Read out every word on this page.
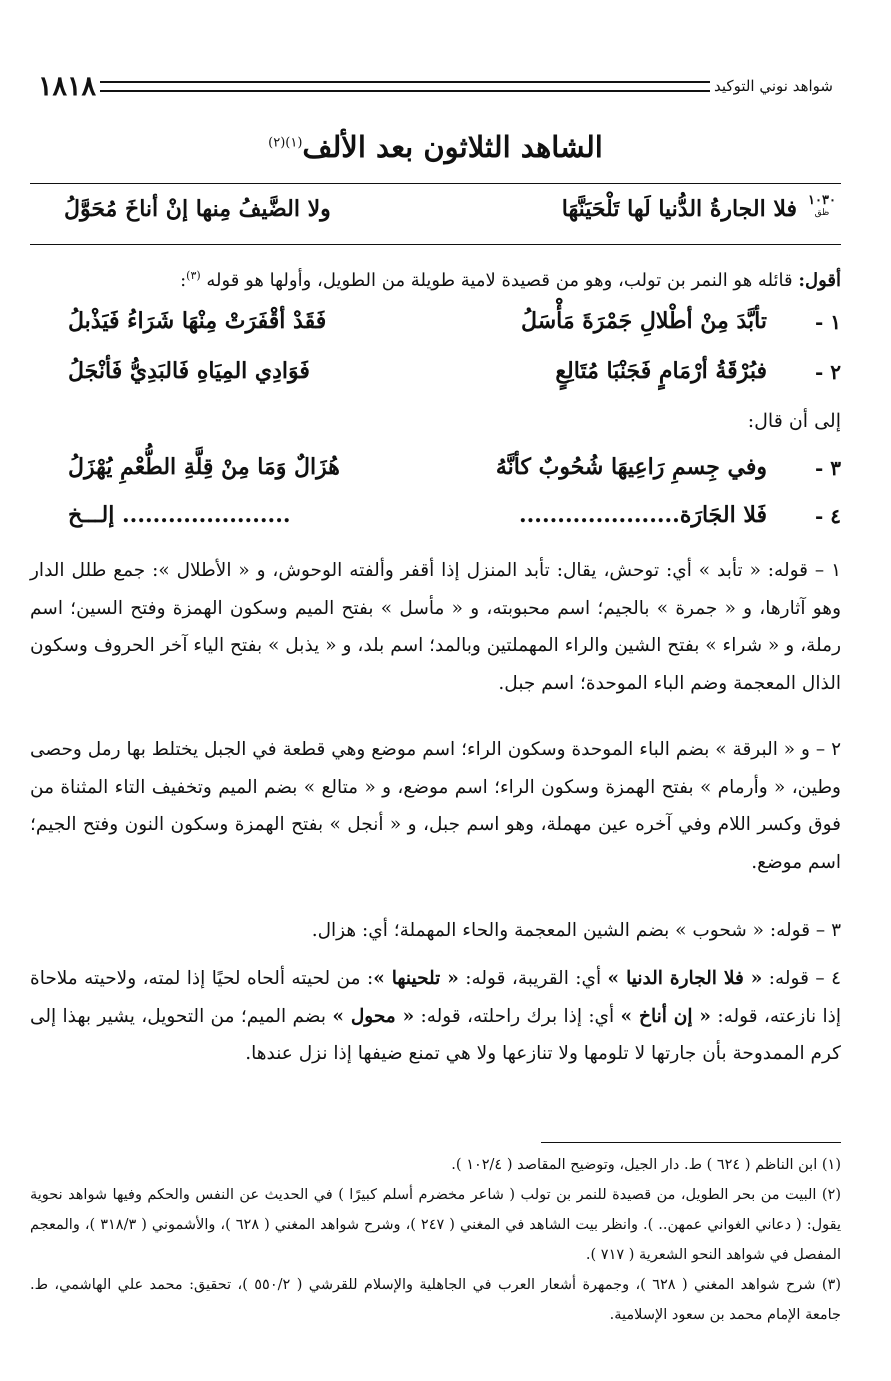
١٨١٨	شواهد نوني التوكيد
الشاهد الثلاثون بعد الألف$^{(١)(٢)}$
١٠٣٠
ظق
فلا الجارةُ الدُّنيا لَها تَلْحَيَنَّهَا
ولا الضَّيفُ مِنها إنْ أناخَ مُحَوَّلُ
أقول: قائله هو النمر بن تولب، وهو من قصيدة لامية طويلة من الطويل، وأولها هو قوله $^{(٣)}$:
١ -
تأبَّدَ مِنْ أطْلالِ جَمْرَةَ مَأْسَلُ
فَقَدْ أقْفَرَتْ مِنْهَا شَرَاءُ فَيَذْبلُ
٢ -
فبُرْقَةُ أرْمَامٍ فَجَنْبَا مُتَالِعٍ
فَوَادِي المِيَاهِ فَالبَدِيُّ فَأنْجَلُ
إلى أن قال:
٣ -
وفي جِسمِ رَاعِيهَا شُحُوبٌ كأنَّهُ
هُزَالٌ وَمَا مِنْ قِلَّةِ الطُّعْمِ يُهْزَلُ
٤ -
فَلا الجَارَة.....................
...................... إلـــخ
١ – قوله: « تأبد » أي: توحش، يقال: تأبد المنزل إذا أقفر وألفته الوحوش، و « الأطلال »: جمع طلل الدار وهو آثارها، و « جمرة » بالجيم؛ اسم محبوبته، و « مأسل » بفتح الميم وسكون الهمزة وفتح السين؛ اسم رملة، و « شراء » بفتح الشين والراء المهملتين وبالمد؛ اسم بلد، و « يذبل » بفتح الياء آخر الحروف وسكون الذال المعجمة وضم الباء الموحدة؛ اسم جبل.
٢ – و « البرقة » بضم الباء الموحدة وسكون الراء؛ اسم موضع وهي قطعة في الجبل يختلط بها رمل وحصى وطين، « وأرمام » بفتح الهمزة وسكون الراء؛ اسم موضع، و « متالع » بضم الميم وتخفيف التاء المثناة من فوق وكسر اللام وفي آخره عين مهملة، وهو اسم جبل، و « أنجل » بفتح الهمزة وسكون النون وفتح الجيم؛ اسم موضع.
٣ – قوله: « شحوب » بضم الشين المعجمة والحاء المهملة؛ أي: هزال.
٤ – قوله: « فلا الجارة الدنيا » أي: القريبة، قوله: « تلحينها »: من لحيته ألحاه لحيًا إذا لمته، ولاحيته ملاحاة إذا نازعته، قوله: « إن أناخ » أي: إذا برك راحلته، قوله: « محول » بضم الميم؛ من التحويل، يشير بهذا إلى كرم الممدوحة بأن جارتها لا تلومها ولا تنازعها ولا هي تمنع ضيفها إذا نزل عندها.
(١) ابن الناظم ( ٦٢٤ ) ط. دار الجيل، وتوضيح المقاصد ( ١٠٢/٤ ).
(٢) البيت من بحر الطويل، من قصيدة للنمر بن تولب ( شاعر مخضرم أسلم كبيرًا ) في الحديث عن النفس والحكم وفيها شواهد نحوية يقول: ( دعاني الغواني عمهن.. ). وانظر بيت الشاهد في المغني ( ٢٤٧ )، وشرح شواهد المغني ( ٦٢٨ )، والأشموني ( ٣١٨/٣ )، والمعجم المفصل في شواهد النحو الشعرية ( ٧١٧ ).
(٣) شرح شواهد المغني ( ٦٢٨ )، وجمهرة أشعار العرب في الجاهلية والإسلام للقرشي ( ٥٥٠/٢ )، تحقيق: محمد علي الهاشمي، ط. جامعة الإمام محمد بن سعود الإسلامية.
